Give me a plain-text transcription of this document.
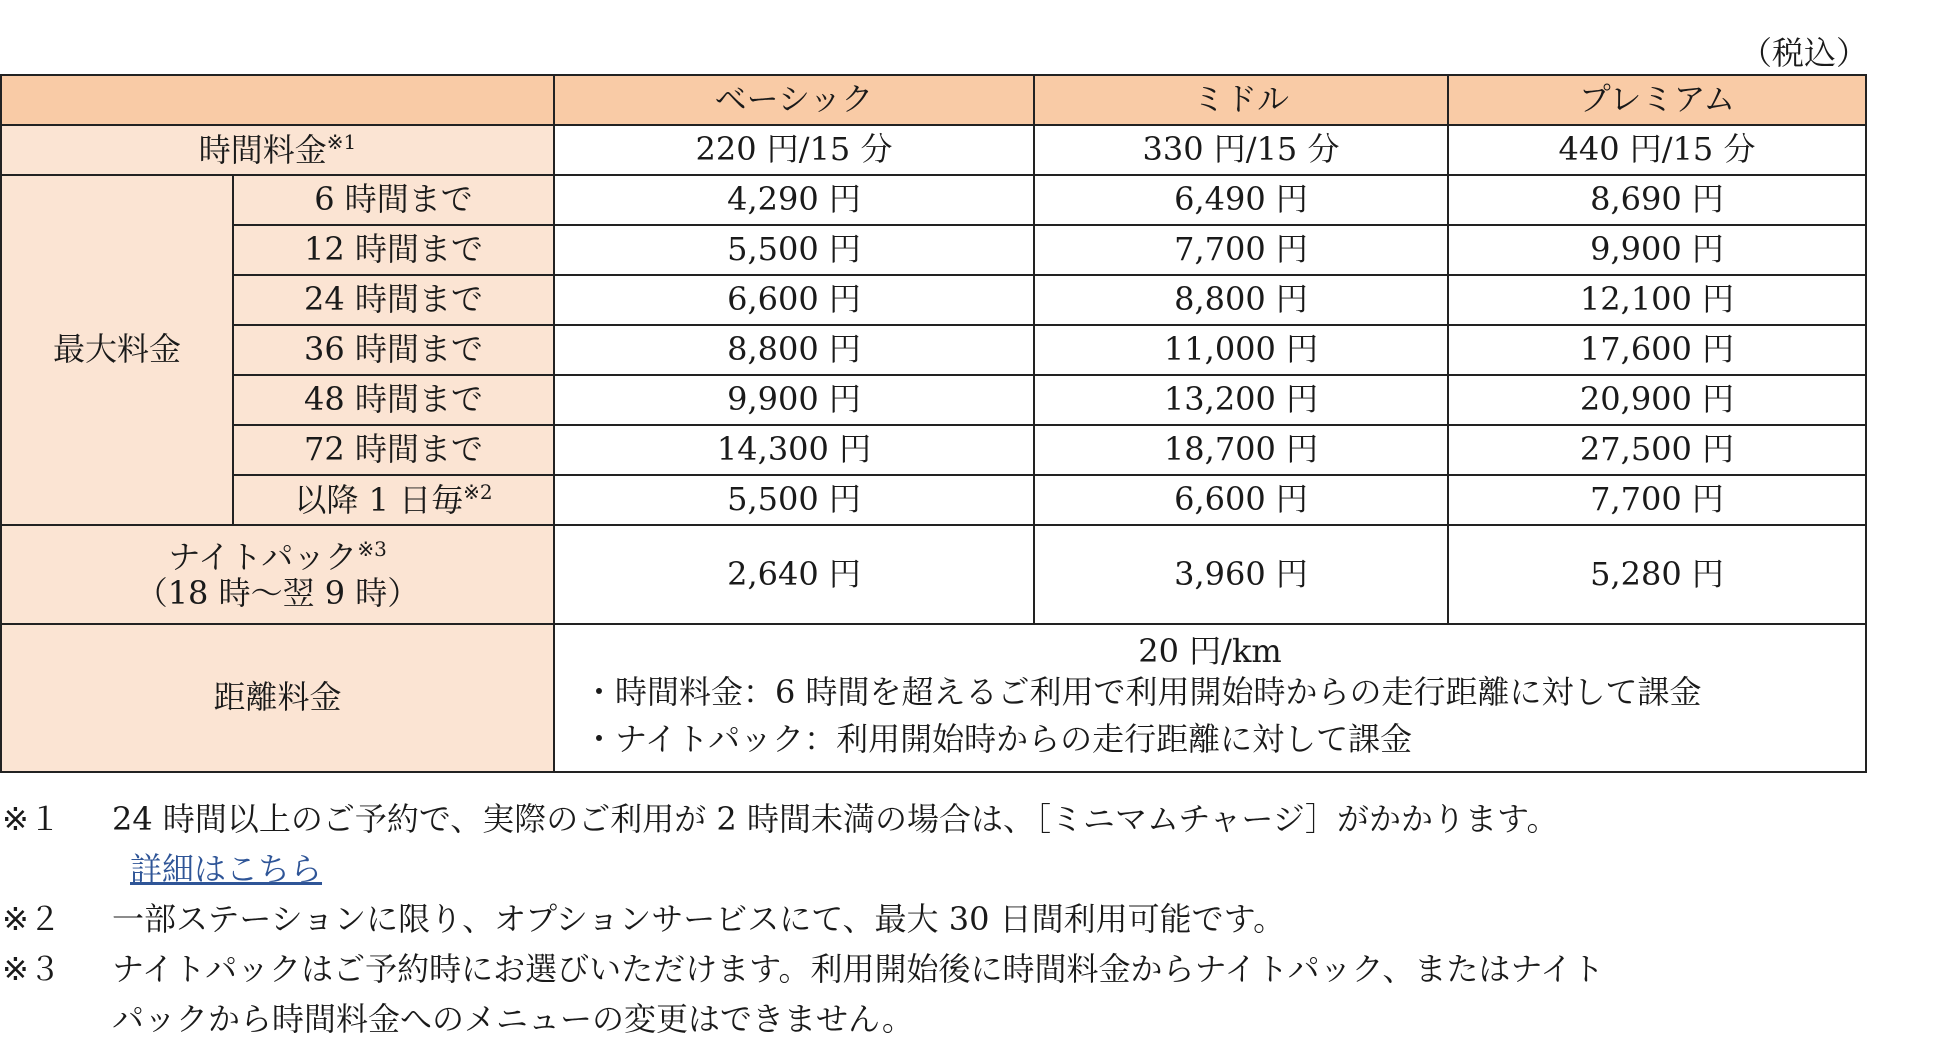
（税込）
		ベーシック	ミドル	プレミアム
時間料金$^{※1}$		220 円/15 分	330 円/15 分	440 円/15 分
最大料金	6 時間まで	4,290 円	6,490 円	8,690 円
	12 時間まで	5,500 円	7,700 円	9,900 円
	24 時間まで	6,600 円	8,800 円	12,100 円
	36 時間まで	8,800 円	11,000 円	17,600 円
	48 時間まで	9,900 円	13,200 円	20,900 円
	72 時間まで	14,300 円	18,700 円	27,500 円
	以降 1 日毎$^{※2}$	5,500 円	6,600 円	7,700 円

ナイトパック$^{※3}$
（18 時～翌 9 時）		2,640 円	3,960 円	5,280 円
距離料金		20 円/km
・時間料金：6 時間を超えるご利用で利用開始時からの走行距離に対して課金
・ナイトパック：利用開始時からの走行距離に対して課金		
※１ 24 時間以上のご予約で、実際のご利用が 2 時間未満の場合は、［ミニマムチャージ］がかかります。
詳細はこちら
※２ 一部ステーションに限り、オプションサービスにて、最大 30 日間利用可能です。
※３ ナイトパックはご予約時にお選びいただけます。利用開始後に時間料金からナイトパック、またはナイト
パックから時間料金へのメニューの変更はできません。
